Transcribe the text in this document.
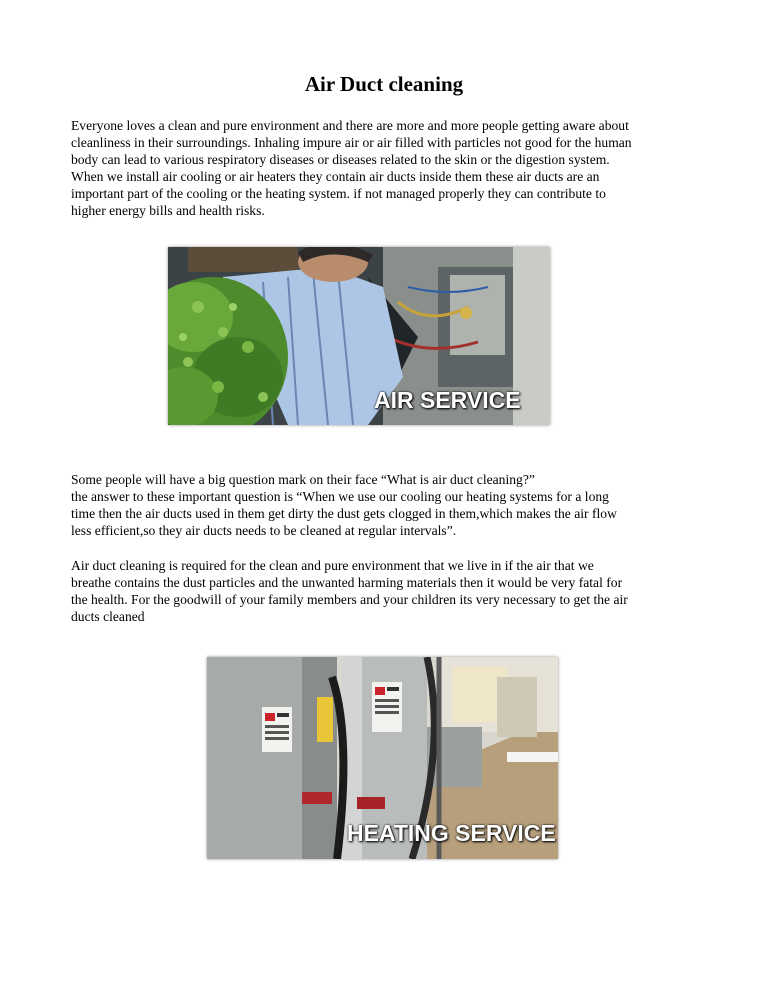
Air Duct cleaning

Everyone loves a clean and pure environment and there are more and more people getting aware about
cleanliness in their surroundings. Inhaling impure air or air filled with particles not good for the human
body can lead to various respiratory diseases or diseases related to the skin or the digestion system.
When we install air cooling or air heaters they contain air ducts inside them these air ducts are an
important part of the cooling or the heating system. if not managed properly they can contribute to
higher energy bills and health risks.

AIR SERVICE

Some people will have a big question mark on their face “What is air duct cleaning?”
the answer to these important question is “When we use our cooling our heating systems for a long
time then the air ducts used in them get dirty the dust gets clogged in them,which makes the air flow
less efficient,so they air ducts needs to be cleaned at regular intervals”.

Air duct cleaning is required for the clean and pure environment that we live in if the air that we
breathe contains the dust particles and the unwanted harming materials then it would be very fatal for
the health. For the goodwill of your family members and your children its very necessary to get the air
ducts cleaned

HEATING SERVICE
